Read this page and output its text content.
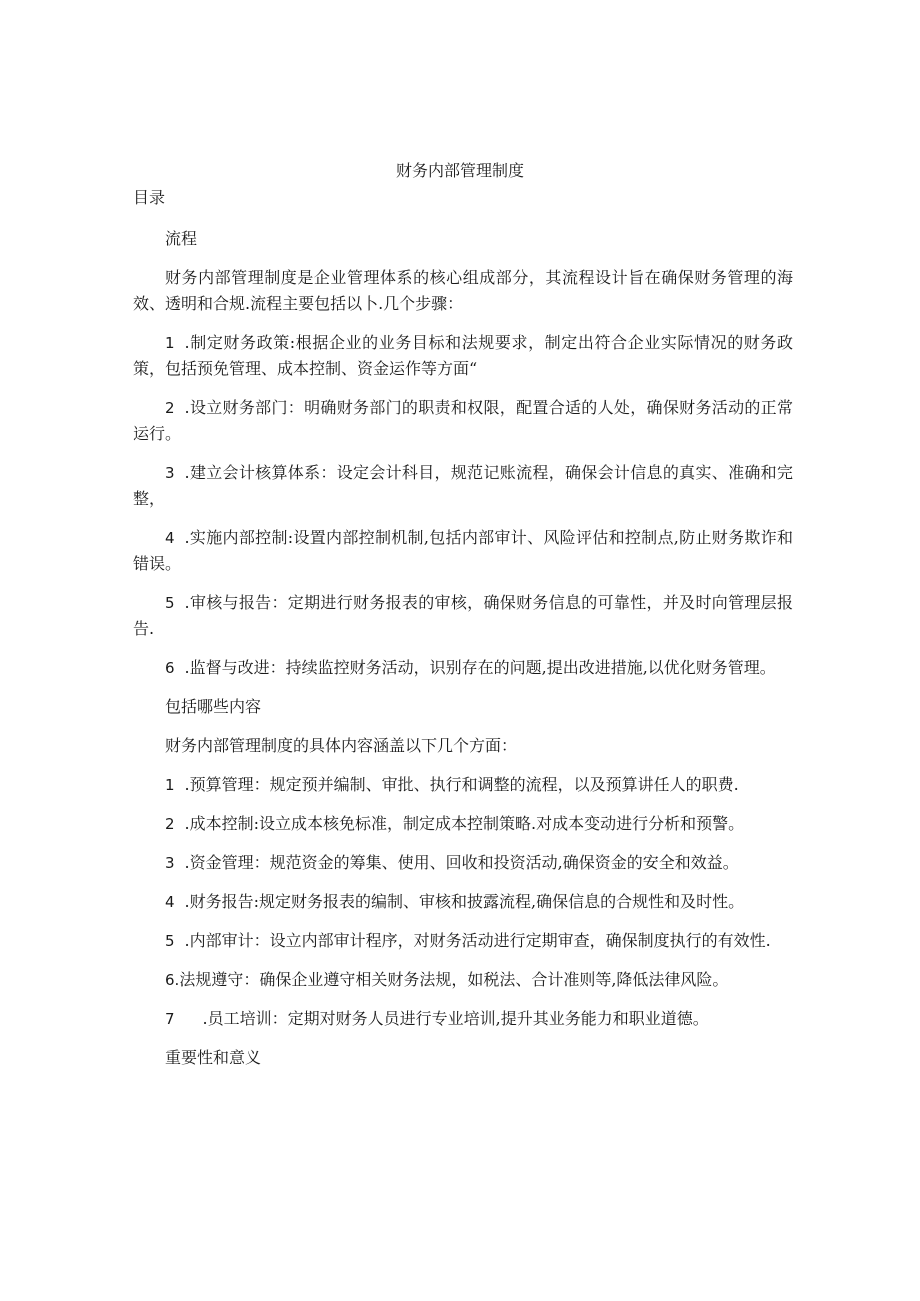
财务内部管理制度
目录

流程

财务内部管理制度是企业管理体系的核心组成部分，其流程设计旨在确保财务管理的海效、透明和合规.流程主要包括以卜.几个步骤：

1 .制定财务政策:根据企业的业务目标和法规要求，制定出符合企业实际情况的财务政策，包括预免管理、成本控制、资金运作等方面“

2 .设立财务部门：明确财务部门的职责和权限，配置合适的人处，确保财务活动的正常运行。

3 .建立会计核算体系：设定会计科目，规范记账流程，确保会计信息的真实、准确和完整，

4 .实施内部控制:设置内部控制机制,包括内部审计、风险评估和控制点,防止财务欺诈和错误。

5 .审核与报告：定期进行财务报表的审核，确保财务信息的可靠性，并及时向管理层报告.

6 .监督与改进：持续监控财务活动，识别存在的问题,提出改进措施,以优化财务管理。

包括哪些内容

财务内部管理制度的具体内容涵盖以下几个方面：

1 .预算管理：规定预并编制、审批、执行和调整的流程，以及预算讲任人的职费.

2 .成本控制:设立成本核免标准，制定成本控制策略.对成本变动进行分析和预警。

3 .资金管理：规范资金的筹集、使用、回收和投资活动,确保资金的安全和效益。

4 .财务报告:规定财务报表的编制、审核和披露流程,确保信息的合规性和及时性。

5 .内部审计：设立内部审计程序，对财务活动进行定期审查，确保制度执行的有效性.

6.法规遵守：确保企业遵守相关财务法规，如税法、合计准则等,降低法律风险。

7 .员工培训：定期对财务人员进行专业培训,提升其业务能力和职业道德。

重要性和意义
